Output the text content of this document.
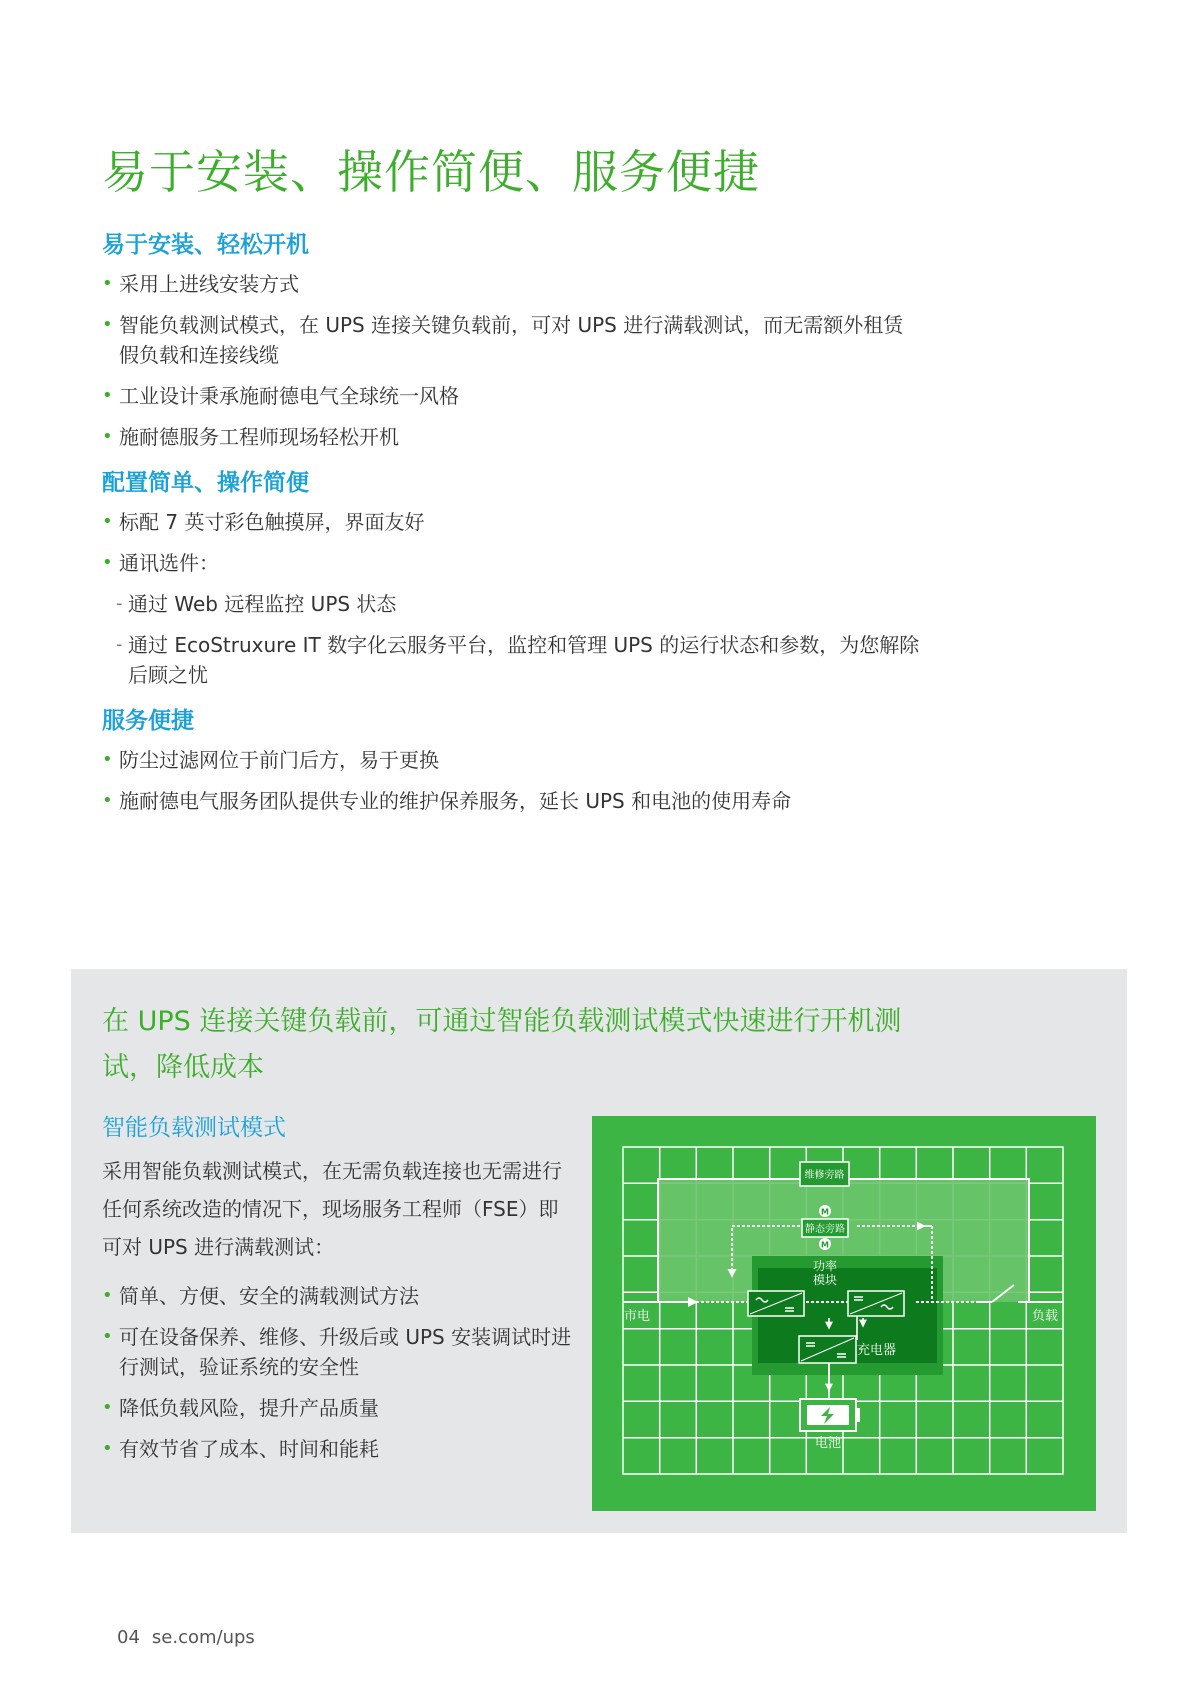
易于安装、操作简便、服务便捷
易于安装、轻松开机
• 采用上进线安装方式
• 智能负载测试模式，在 UPS 连接关键负载前，可对 UPS 进行满载测试，而无需额外租赁假负载和连接线缆
• 工业设计秉承施耐德电气全球统一风格
• 施耐德服务工程师现场轻松开机
配置简单、操作简便
• 标配 7 英寸彩色触摸屏，界面友好
• 通讯选件：
- 通过 Web 远程监控 UPS 状态
- 通过 EcoStruxure IT 数字化云服务平台，监控和管理 UPS 的运行状态和参数，为您解除后顾之忧
服务便捷
• 防尘过滤网位于前门后方，易于更换
• 施耐德电气服务团队提供专业的维护保养服务，延长 UPS 和电池的使用寿命
在 UPS 连接关键负载前，可通过智能负载测试模式快速进行开机测试，降低成本
智能负载测试模式
采用智能负载测试模式，在无需负载连接也无需进行任何系统改造的情况下，现场服务工程师（FSE）即可对 UPS 进行满载测试：
• 简单、方便、安全的满载测试方法
• 可在设备保养、维修、升级后或 UPS 安装调试时进行测试，验证系统的安全性
• 降低负载风险，提升产品质量
• 有效节省了成本、时间和能耗
维修旁路
静态旁路
M
M
功率
模块
市电	负载
充电器
电池
04 se.com/ups
